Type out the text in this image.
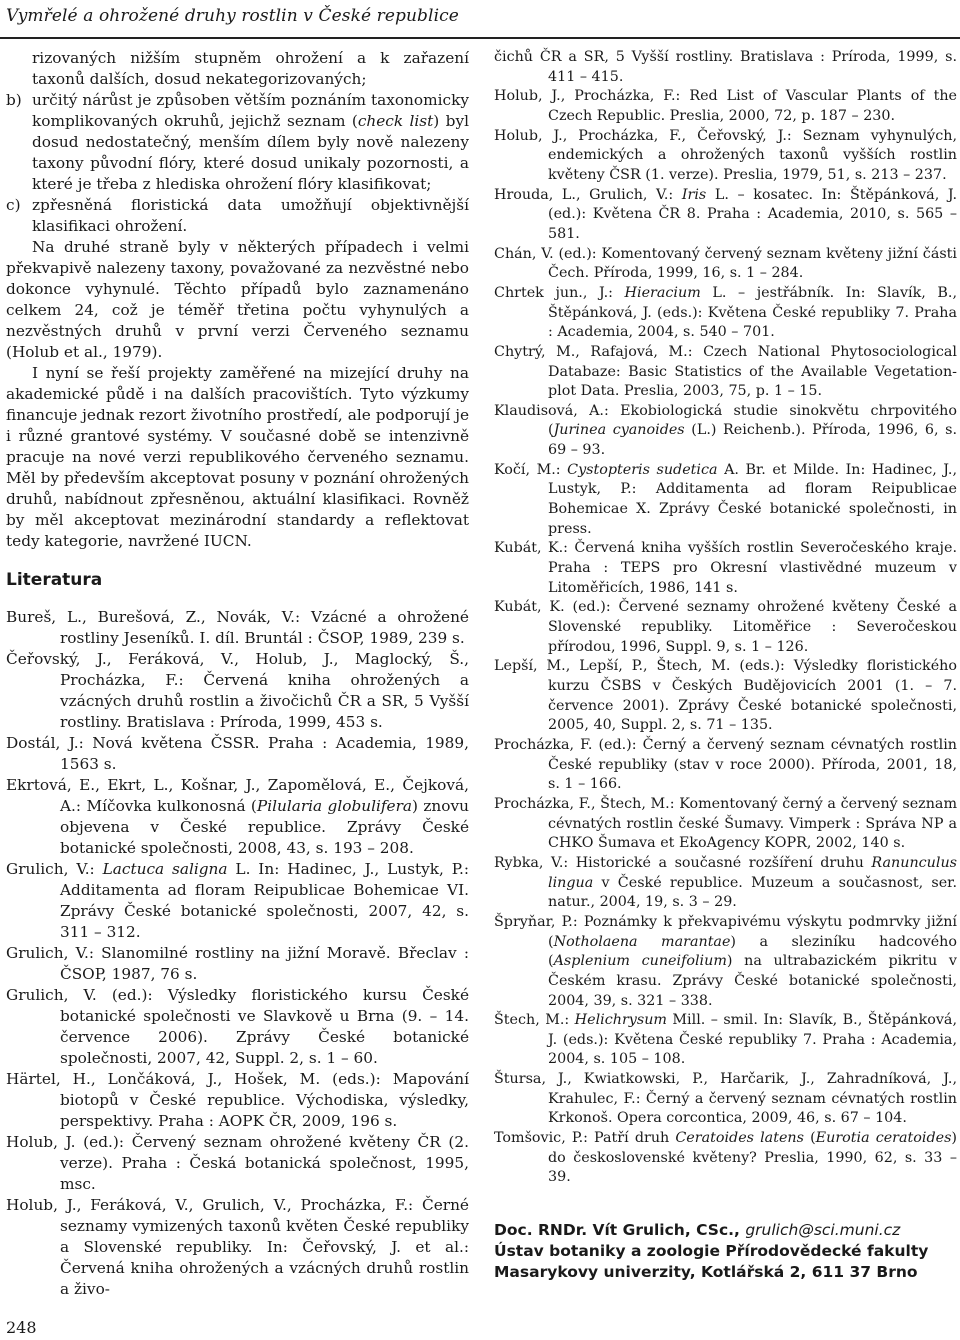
Vymřelé a ohrožené druhy rostlin v České republice

rizovaných nižším stupněm ohrožení a k zařazení taxonů dalších, dosud nekategorizovaných;

b) určitý nárůst je způsoben větším poznáním taxonomicky komplikovaných okruhů, jejichž seznam (check list) byl dosud nedostatečný, menším dílem byly nově nalezeny taxony původní flóry, které dosud unikaly pozornosti, a které je třeba z hlediska ohrožení flóry klasifikovat;

c) zpřesněná floristická data umožňují objektivnější klasifikaci ohrožení.

Na druhé straně byly v některých případech i velmi překvapivě nalezeny taxony, považované za nezvěstné nebo dokonce vyhynulé. Těchto případů bylo zaznamenáno celkem 24, což je téměř třetina počtu vyhynulých a nezvěstných druhů v první verzi Červeného seznamu (Holub et al., 1979).

I nyní se řeší projekty zaměřené na mizející druhy na akademické půdě i na dalších pracovištích. Tyto výzkumy financuje jednak rezort životního prostředí, ale podporují je i různé grantové systémy. V současné době se intenzivně pracuje na nové verzi republikového červeného seznamu. Měl by především akceptovat posuny v poznání ohrožených druhů, nabídnout zpřesněnou, aktuální klasifikaci. Rovněž by měl akceptovat mezinárodní standardy a reflektovat tedy kategorie, navržené IUCN.

Literatura

Bureš, L., Burešová, Z., Novák, V.: Vzácné a ohrožené rostliny Jeseníků. I. díl. Bruntál : ČSOP, 1989, 239 s.

Čeřovský, J., Feráková, V., Holub, J., Maglocký, Š., Procházka, F.: Červená kniha ohrožených a vzácných druhů rostlin a živočichů ČR a SR, 5 Vyšší rostliny. Bratislava : Príroda, 1999, 453 s.

Dostál, J.: Nová květena ČSSR. Praha : Academia, 1989, 1563 s.

Ekrtová, E., Ekrt, L., Košnar, J., Zapomělová, E., Čejková, A.: Míčovka kulkonosná (Pilularia globulifera) znovu objevena v České republice. Zprávy České botanické společnosti, 2008, 43, s. 193 – 208.

Grulich, V.: Lactuca saligna L. In: Hadinec, J., Lustyk, P.: Additamenta ad floram Reipublicae Bohemicae VI. Zprávy České botanické společnosti, 2007, 42, s. 311 – 312.

Grulich, V.: Slanomilné rostliny na jižní Moravě. Břeclav : ČSOP, 1987, 76 s.

Grulich, V. (ed.): Výsledky floristického kursu České botanické společnosti ve Slavkově u Brna (9. – 14. července 2006). Zprávy České botanické společnosti, 2007, 42, Suppl. 2, s. 1 – 60.

Härtel, H., Lončáková, J., Hošek, M. (eds.): Mapování biotopů v České republice. Východiska, výsledky, perspektivy. Praha : AOPK ČR, 2009, 196 s.

Holub, J. (ed.): Červený seznam ohrožené květeny ČR (2. verze). Praha : Česká botanická společnost, 1995, msc.

Holub, J., Feráková, V., Grulich, V., Procházka, F.: Černé seznamy vymizených taxonů květen České republiky a Slovenské republiky. In: Čeřovský, J. et al.: Červená kniha ohrožených a vzácných druhů rostlin a živo-

čichů ČR a SR, 5 Vyšší rostliny. Bratislava : Príroda, 1999, s. 411 – 415.

Holub, J., Procházka, F.: Red List of Vascular Plants of the Czech Republic. Preslia, 2000, 72, p. 187 – 230.

Holub, J., Procházka, F., Čeřovský, J.: Seznam vyhynulých, endemických a ohrožených taxonů vyšších rostlin květeny ČSR (1. verze). Preslia, 1979, 51, s. 213 – 237.

Hrouda, L., Grulich, V.: Iris L. – kosatec. In: Štěpánková, J. (ed.): Květena ČR 8. Praha : Academia, 2010, s. 565 – 581.

Chán, V. (ed.): Komentovaný červený seznam květeny jižní části Čech. Příroda, 1999, 16, s. 1 – 284.

Chrtek jun., J.: Hieracium L. – jestřábník. In: Slavík, B., Štěpánková, J. (eds.): Květena České republiky 7. Praha : Academia, 2004, s. 540 – 701.

Chytrý, M., Rafajová, M.: Czech National Phytosociological Databaze: Basic Statistics of the Available Vegetation-plot Data. Preslia, 2003, 75, p. 1 – 15.

Klaudisová, A.: Ekobiologická studie sinokvětu chrpovitého (Jurinea cyanoides (L.) Reichenb.). Příroda, 1996, 6, s. 69 – 93.

Kočí, M.: Cystopteris sudetica A. Br. et Milde. In: Hadinec, J., Lustyk, P.: Additamenta ad floram Reipublicae Bohemicae X. Zprávy České botanické společnosti, in press.

Kubát, K.: Červená kniha vyšších rostlin Severočeského kraje. Praha : TEPS pro Okresní vlastivědné muzeum v Litoměřicích, 1986, 141 s.

Kubát, K. (ed.): Červené seznamy ohrožené květeny České a Slovenské republiky. Litoměřice : Severočeskou přírodou, 1996, Suppl. 9, s. 1 – 126.

Lepší, M., Lepší, P., Štech, M. (eds.): Výsledky floristického kurzu ČSBS v Českých Budějovicích 2001 (1. – 7. července 2001). Zprávy České botanické společnosti, 2005, 40, Suppl. 2, s. 71 – 135.

Procházka, F. (ed.): Černý a červený seznam cévnatých rostlin České republiky (stav v roce 2000). Příroda, 2001, 18, s. 1 – 166.

Procházka, F., Štech, M.: Komentovaný černý a červený seznam cévnatých rostlin české Šumavy. Vimperk : Správa NP a CHKO Šumava et EkoAgency KOPR, 2002, 140 s.

Rybka, V.: Historické a současné rozšíření druhu Ranunculus lingua v České republice. Muzeum a současnost, ser. natur., 2004, 19, s. 3 – 29.

Špryňar, P.: Poznámky k překvapivému výskytu podmrvky jižní (Notholaena marantae) a sleziníku hadcového (Asplenium cuneifolium) na ultrabazickém pikritu v Českém krasu. Zprávy České botanické společnosti, 2004, 39, s. 321 – 338.

Štech, M.: Helichrysum Mill. – smil. In: Slavík, B., Štěpánková, J. (eds.): Květena České republiky 7. Praha : Academia, 2004, s. 105 – 108.

Štursa, J., Kwiatkowski, P., Harčarik, J., Zahradníková, J., Krahulec, F.: Černý a červený seznam cévnatých rostlin Krkonoš. Opera corcontica, 2009, 46, s. 67 – 104.

Tomšovic, P.: Patří druh Ceratoides latens (Eurotia ceratoides) do československé květeny? Preslia, 1990, 62, s. 33 – 39.

Doc. RNDr. Vít Grulich, CSc., grulich@sci.muni.cz
Ústav botaniky a zoologie Přírodovědecké fakulty
Masarykovy univerzity, Kotlářská 2, 611 37 Brno
248
